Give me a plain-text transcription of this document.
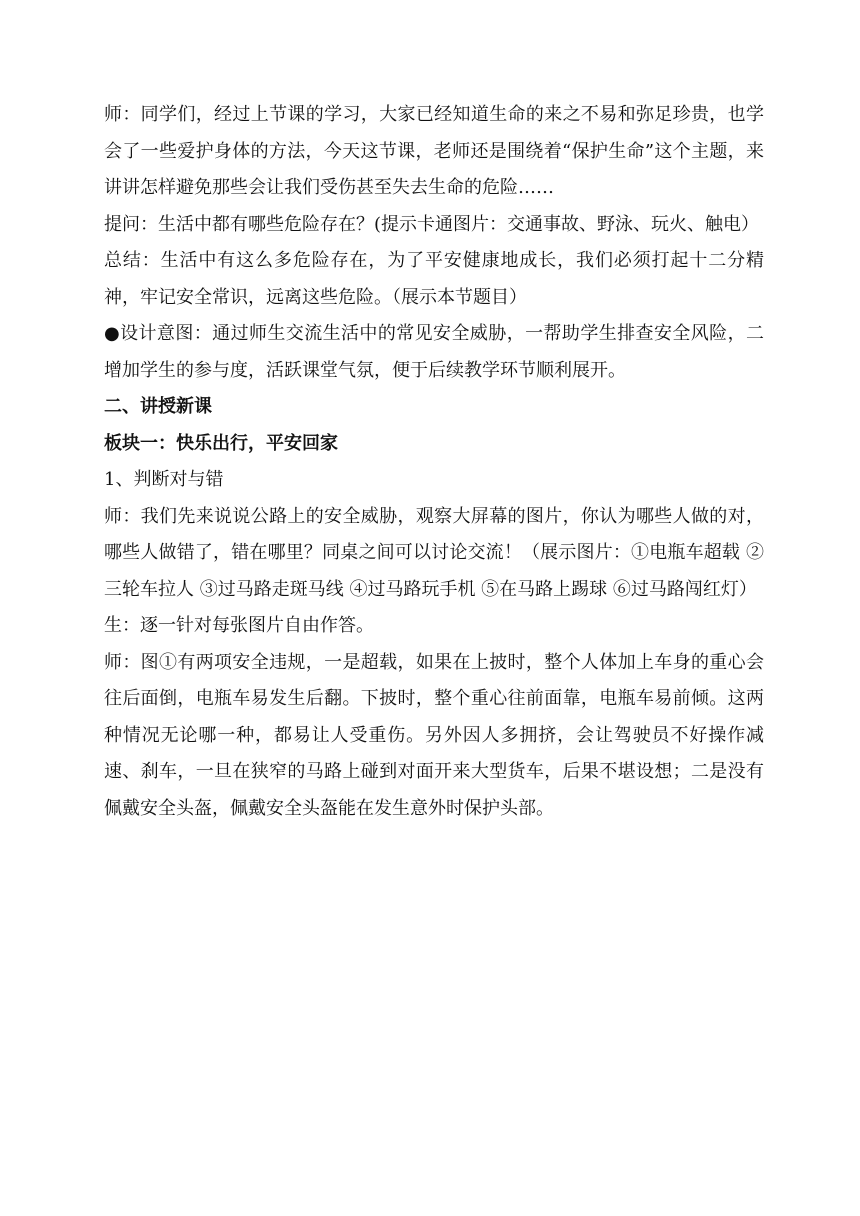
师：同学们，经过上节课的学习，大家已经知道生命的来之不易和弥足珍贵，也学会了一些爱护身体的方法，今天这节课，老师还是围绕着“保护生命”这个主题，来讲讲怎样避免那些会让我们受伤甚至失去生命的危险……

提问：生活中都有哪些危险存在？(提示卡通图片：交通事故、野泳、玩火、触电）

总结：生活中有这么多危险存在，为了平安健康地成长，我们必须打起十二分精神，牢记安全常识，远离这些危险。（展示本节题目）

●设计意图：通过师生交流生活中的常见安全威胁，一帮助学生排查安全风险，二增加学生的参与度，活跃课堂气氛，便于后续教学环节顺利展开。

二、讲授新课

板块一：快乐出行，平安回家

1、判断对与错

师：我们先来说说公路上的安全威胁，观察大屏幕的图片，你认为哪些人做的对，哪些人做错了，错在哪里？同桌之间可以讨论交流！（展示图片：①电瓶车超载 ②三轮车拉人 ③过马路走斑马线 ④过马路玩手机 ⑤在马路上踢球 ⑥过马路闯红灯）

生：逐一针对每张图片自由作答。

师：图①有两项安全违规，一是超载，如果在上披时，整个人体加上车身的重心会往后面倒，电瓶车易发生后翻。下披时，整个重心往前面靠，电瓶车易前倾。这两种情况无论哪一种，都易让人受重伤。另外因人多拥挤，会让驾驶员不好操作减速、刹车，一旦在狭窄的马路上碰到对面开来大型货车，后果不堪设想；二是没有佩戴安全头盔，佩戴安全头盔能在发生意外时保护头部。
